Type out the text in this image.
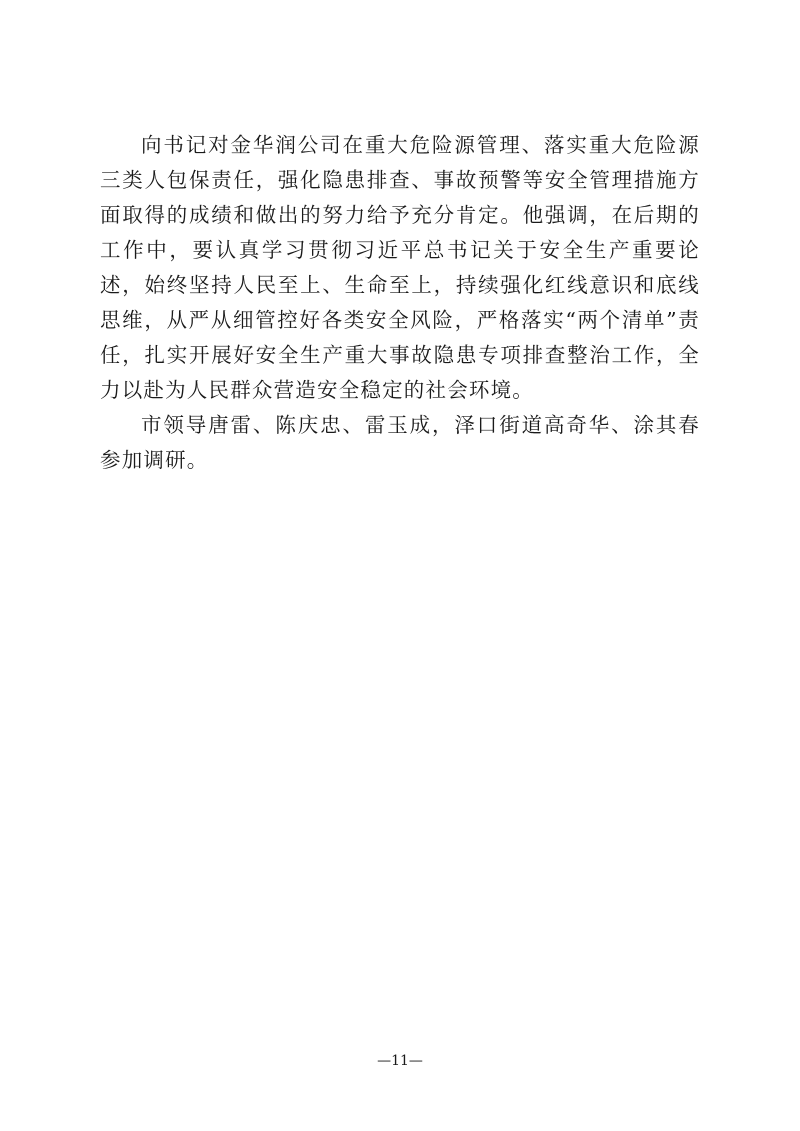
向书记对金华润公司在重大危险源管理、落实重大危险源三类人包保责任，强化隐患排查、事故预警等安全管理措施方面取得的成绩和做出的努力给予充分肯定。他强调，在后期的工作中，要认真学习贯彻习近平总书记关于安全生产重要论述，始终坚持人民至上、生命至上，持续强化红线意识和底线思维，从严从细管控好各类安全风险，严格落实“两个清单”责任，扎实开展好安全生产重大事故隐患专项排查整治工作，全力以赴为人民群众营造安全稳定的社会环境。

市领导唐雷、陈庆忠、雷玉成，泽口街道高奇华、涂其春参加调研。

—11—
